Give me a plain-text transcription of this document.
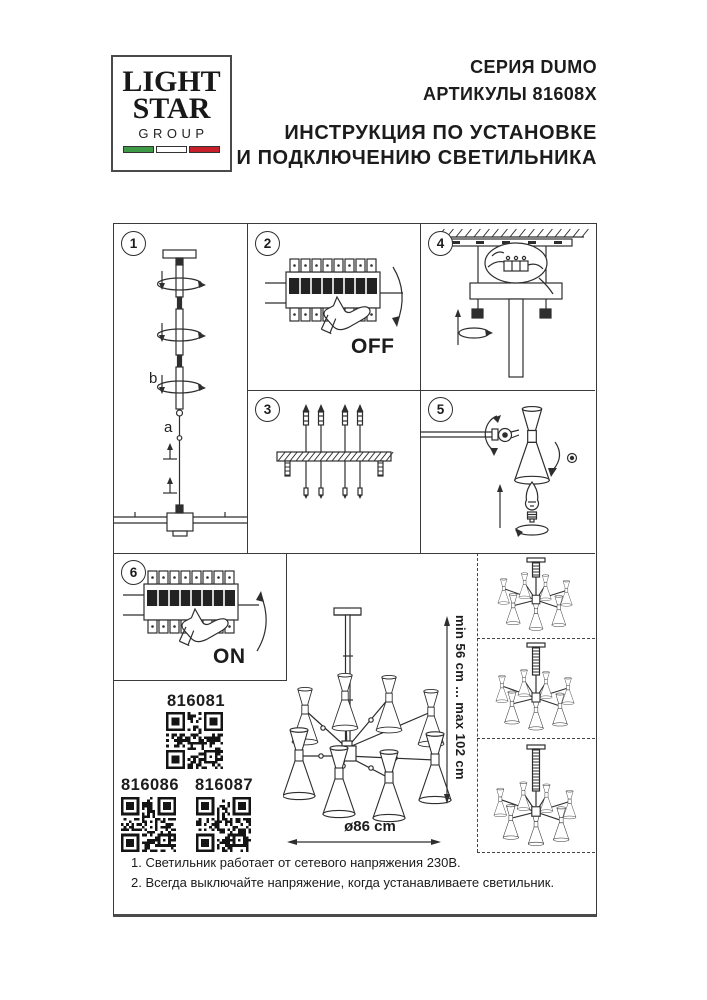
LIGHT
STAR
GROUP
СЕРИЯ DUMO
АРТИКУЛЫ 81608X
ИНСТРУКЦИЯ ПО УСТАНОВКЕ
И ПОДКЛЮЧЕНИЮ СВЕТИЛЬНИКА
1
b
a
2
OFF
4
3	5
6
ON
816081
816086 816087
min 56 cm ... max 102 cm
ø86 cm
1. Светильник работает от сетевого напряжения 230В.
2. Всегда выключайте напряжение, когда устанавливаете светильник.
